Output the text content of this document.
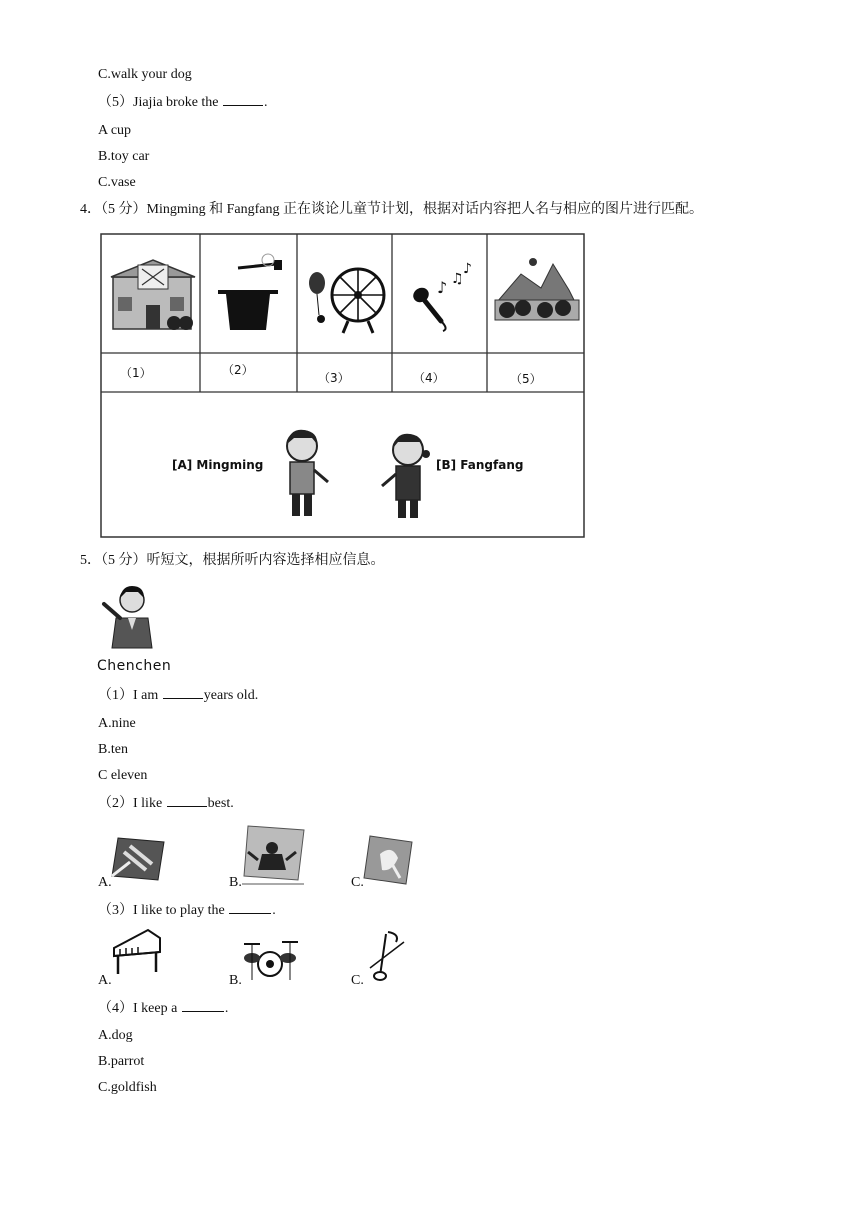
C.walk your dog
（5）Jiajia broke the	.
A cup
B.toy car
C.vase
4．（5 分）Mingming 和 Fangfang 正在谈论儿童节计划，根据对话内容把人名与相应的图片进行匹配。
♪ ♫
♪
（1）	（2）
（3）	（4）	（5）
[A] Mingming	[B] Fangfang
5．（5 分）听短文，根据所听内容选择相应信息。
Chenchen
（1）I am	years old.
A.nine
B.ten
C eleven
（2）I like	best.
A.	B.	C.
（3）I like to play the	.
A.	B.	C.
（4）I keep a	.
A.dog
B.parrot
C.goldfish
